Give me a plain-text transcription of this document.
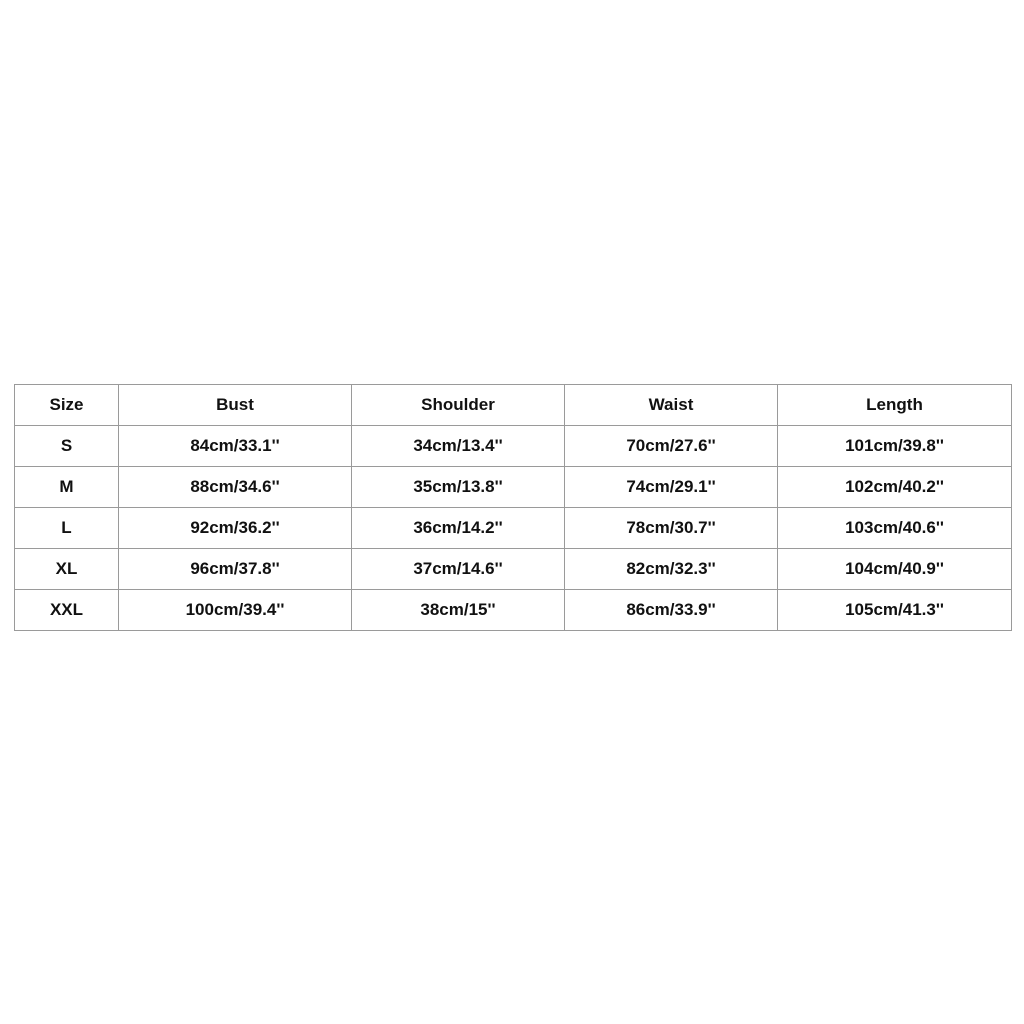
Size	Bust	Shoulder	Waist	Length
S	84cm/33.1''	34cm/13.4''	70cm/27.6''	101cm/39.8''
M	88cm/34.6''	35cm/13.8''	74cm/29.1''	102cm/40.2''
L	92cm/36.2''	36cm/14.2''	78cm/30.7''	103cm/40.6''
XL	96cm/37.8''	37cm/14.6''	82cm/32.3''	104cm/40.9''
XXL	100cm/39.4''	38cm/15''	86cm/33.9''	105cm/41.3''
